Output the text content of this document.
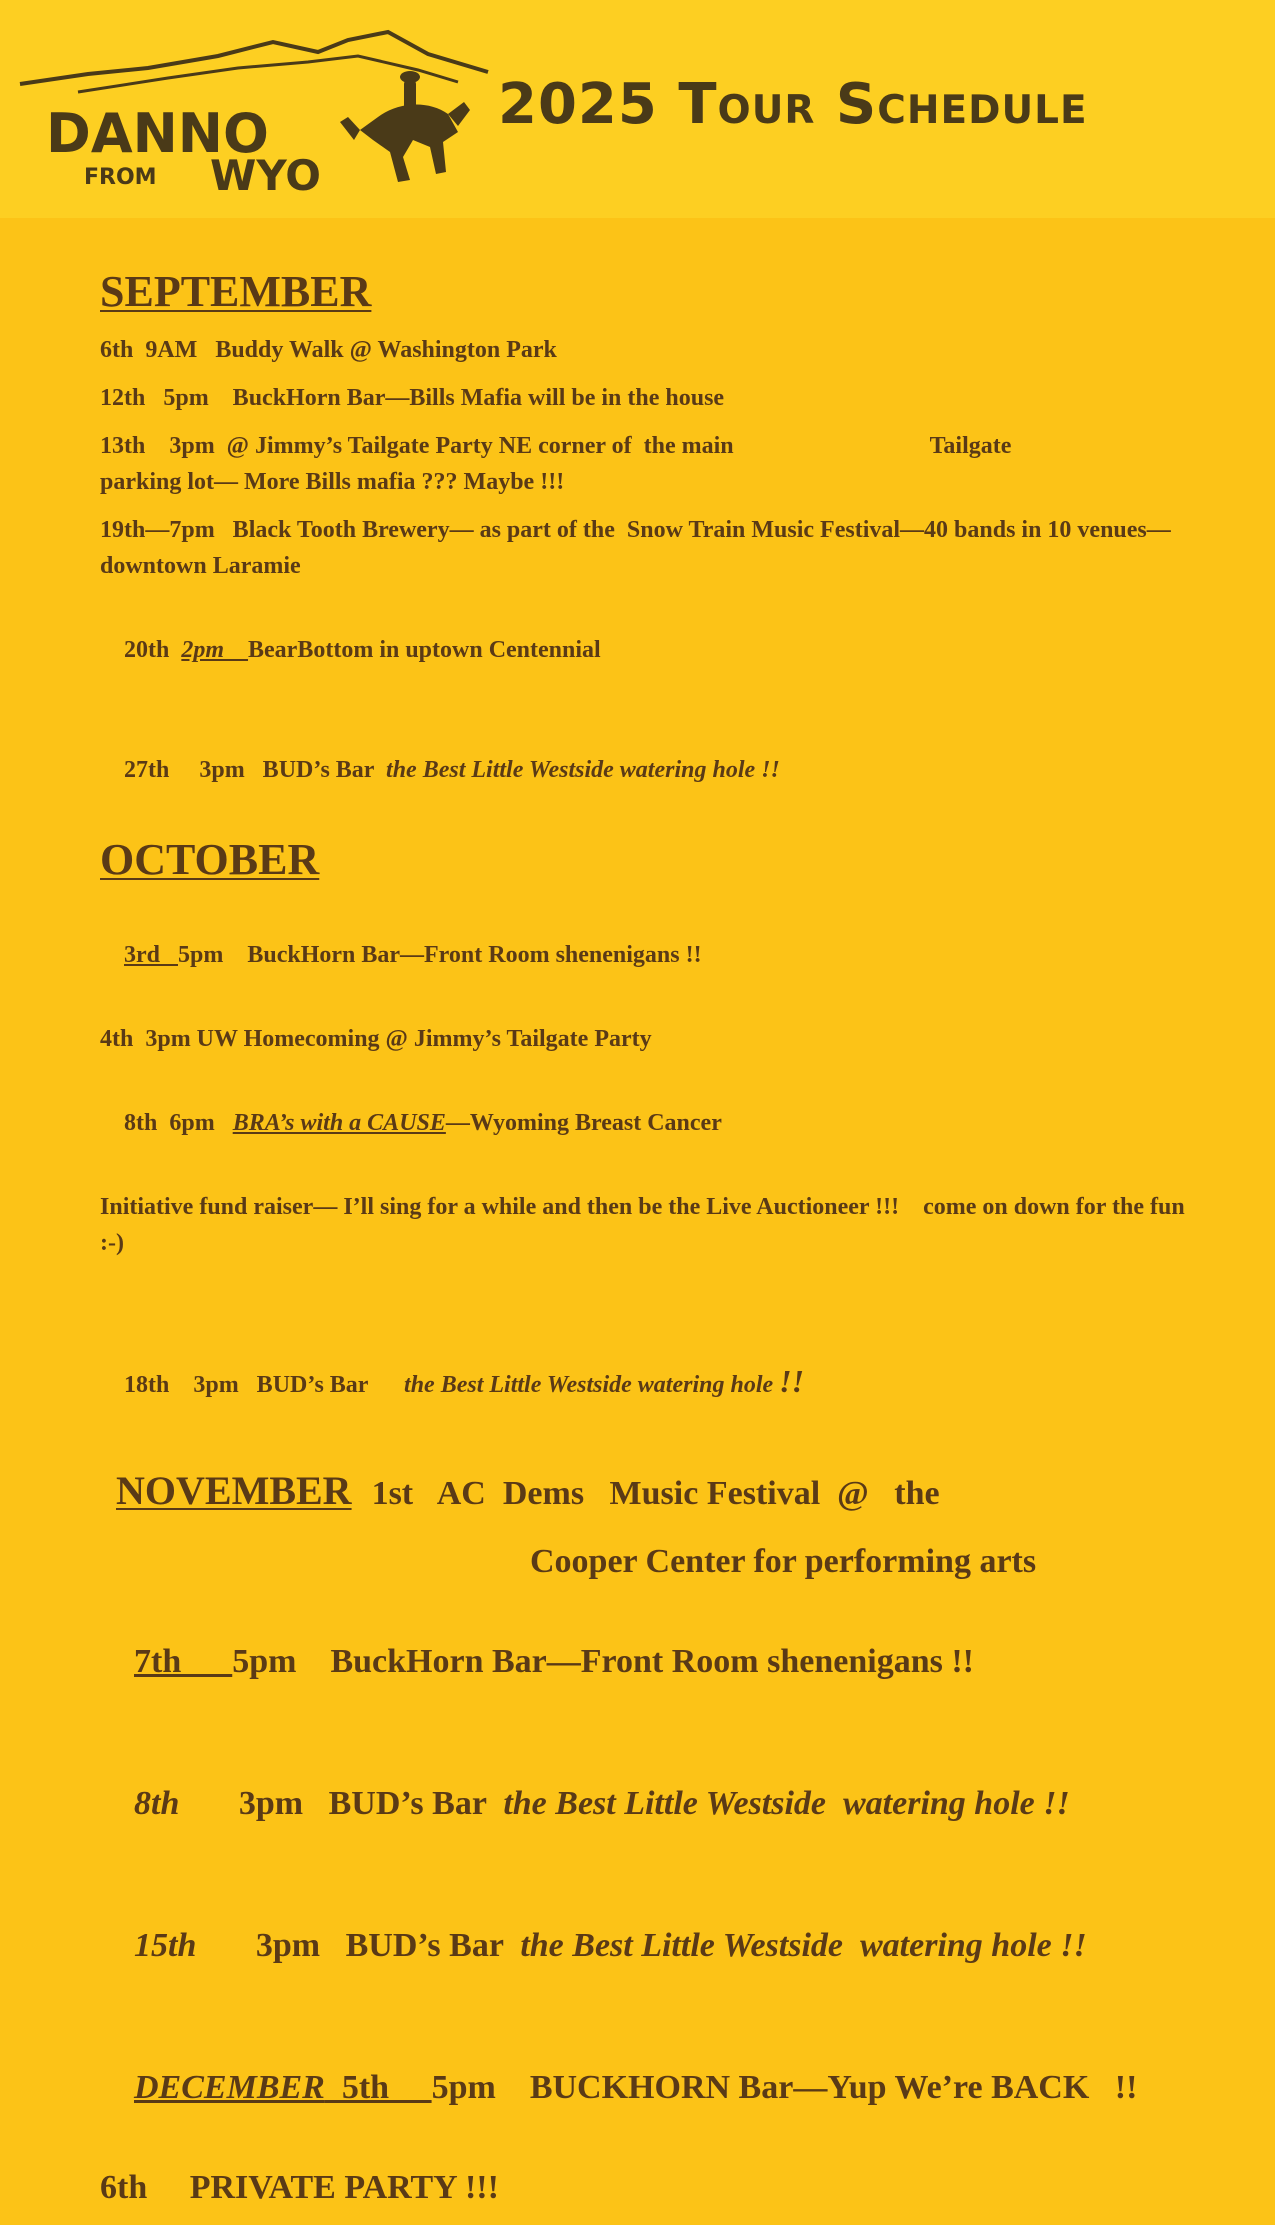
DANNO
FROM WYO
2025 Tour Schedule
SEPTEMBER
6th  9AM   Buddy Walk @ Washington Park
12th   5pm    BuckHorn Bar—Bills Mafia will be in the house
13th    3pm  @ Jimmy’s Tailgate Party NE corner of  the main	Tailgate
parking lot— More Bills mafia ??? Maybe !!!
19th—7pm   Black Tooth Brewery— as part of the  Snow Train Music Festival—40 bands in 10 venues—downtown Laramie

20th  2pm    BearBottom in uptown Centennial

27th     3pm   BUD’s Bar  the Best Little Westside watering hole !!

OCTOBER

3rd   5pm    BuckHorn Bar—Front Room shenenigans !!

4th  3pm UW Homecoming @ Jimmy’s Tailgate Party

8th  6pm   BRA’s with a CAUSE—Wyoming Breast Cancer

Initiative fund raiser— I’ll sing for a while and then be the Live Auctioneer !!!    come on down for the fun   :-)

18th    3pm   BUD’s Bar      the Best Little Westside watering hole !!

NOVEMBER 1st   AC  Dems   Music Festival  @   the

Cooper Center for performing arts

7th      5pm    BuckHorn Bar—Front Room shenenigans !!

8th       3pm   BUD’s Bar  the Best Little Westside  watering hole !!

15th       3pm   BUD’s Bar  the Best Little Westside  watering hole !!

DECEMBER  5th     5pm    BUCKHORN Bar—Yup We’re BACK   !!

6th     PRIVATE PARTY !!!
